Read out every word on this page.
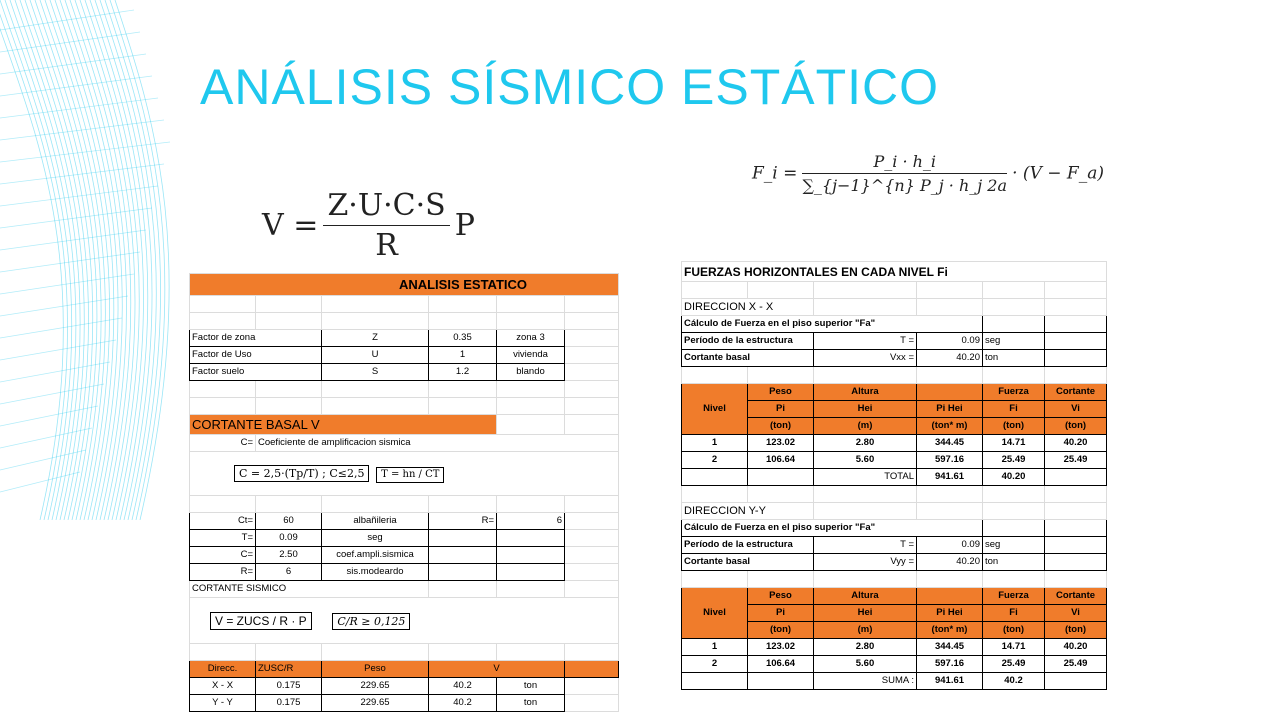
ANÁLISIS SÍSMICO ESTÁTICO
$V = \frac{Z\cdot U\cdot C\cdot S}{R}$ P
F_i = $\frac{P\_i \cdot h\_i}{\sum\_\{j-1\}\^{}\{n\} P\_j \cdot h\_j 2a} \cdot (V$ − F_a)
ANALISIS ESTATICO					

Factor de zona		Z	0.35	zona 3	
Factor de Uso		U	1	vivienda	
Factor suelo		S	1.2	blando	

CORTANTE BASAL V					
C=	Coeficiente de amplificacion sismica				
C = 2,5·(Tp/T) ; C≤2,5 T = hn / CT					

Ct=	60	albañileria	R=	6	
T=	0.09	seg			
C=	2.50	coef.ampli.sismica			
R=	6	sis.modeardo			
CORTANTE SISMICO					
V = ZUCS / R · P C/R ≥ 0,125					

Direcc.	ZUSC/R	Peso	V		
X - X	0.175	229.65	40.2	ton	
Y - Y	0.175	229.65	40.2	ton	
FUERZAS HORIZONTALES EN CADA NIVEL Fi					

DIRECCION X - X					
Cálculo de Fuerza en el piso superior "Fa"					
Período de la estructura		T =	0.09	seg	
Cortante basal		Vxx =	40.20	ton	

Nivel	Peso	Altura		Fuerza	Cortante
	Pi	Hei	Pi Hei	Fi	Vi
	(ton)	(m)	(ton* m)	(ton)	(ton)
1	123.02	2.80	344.45	14.71	40.20
2	106.64	5.60	597.16	25.49	25.49
		TOTAL	941.61	40.20	

DIRECCION Y-Y					
Cálculo de Fuerza en el piso superior "Fa"					
Período de la estructura		T =	0.09	seg	
Cortante basal		Vyy =	40.20	ton	

Nivel	Peso	Altura		Fuerza	Cortante
	Pi	Hei	Pi Hei	Fi	Vi
	(ton)	(m)	(ton* m)	(ton)	(ton)
1	123.02	2.80	344.45	14.71	40.20
2	106.64	5.60	597.16	25.49	25.49
		SUMA :	941.61	40.2	
